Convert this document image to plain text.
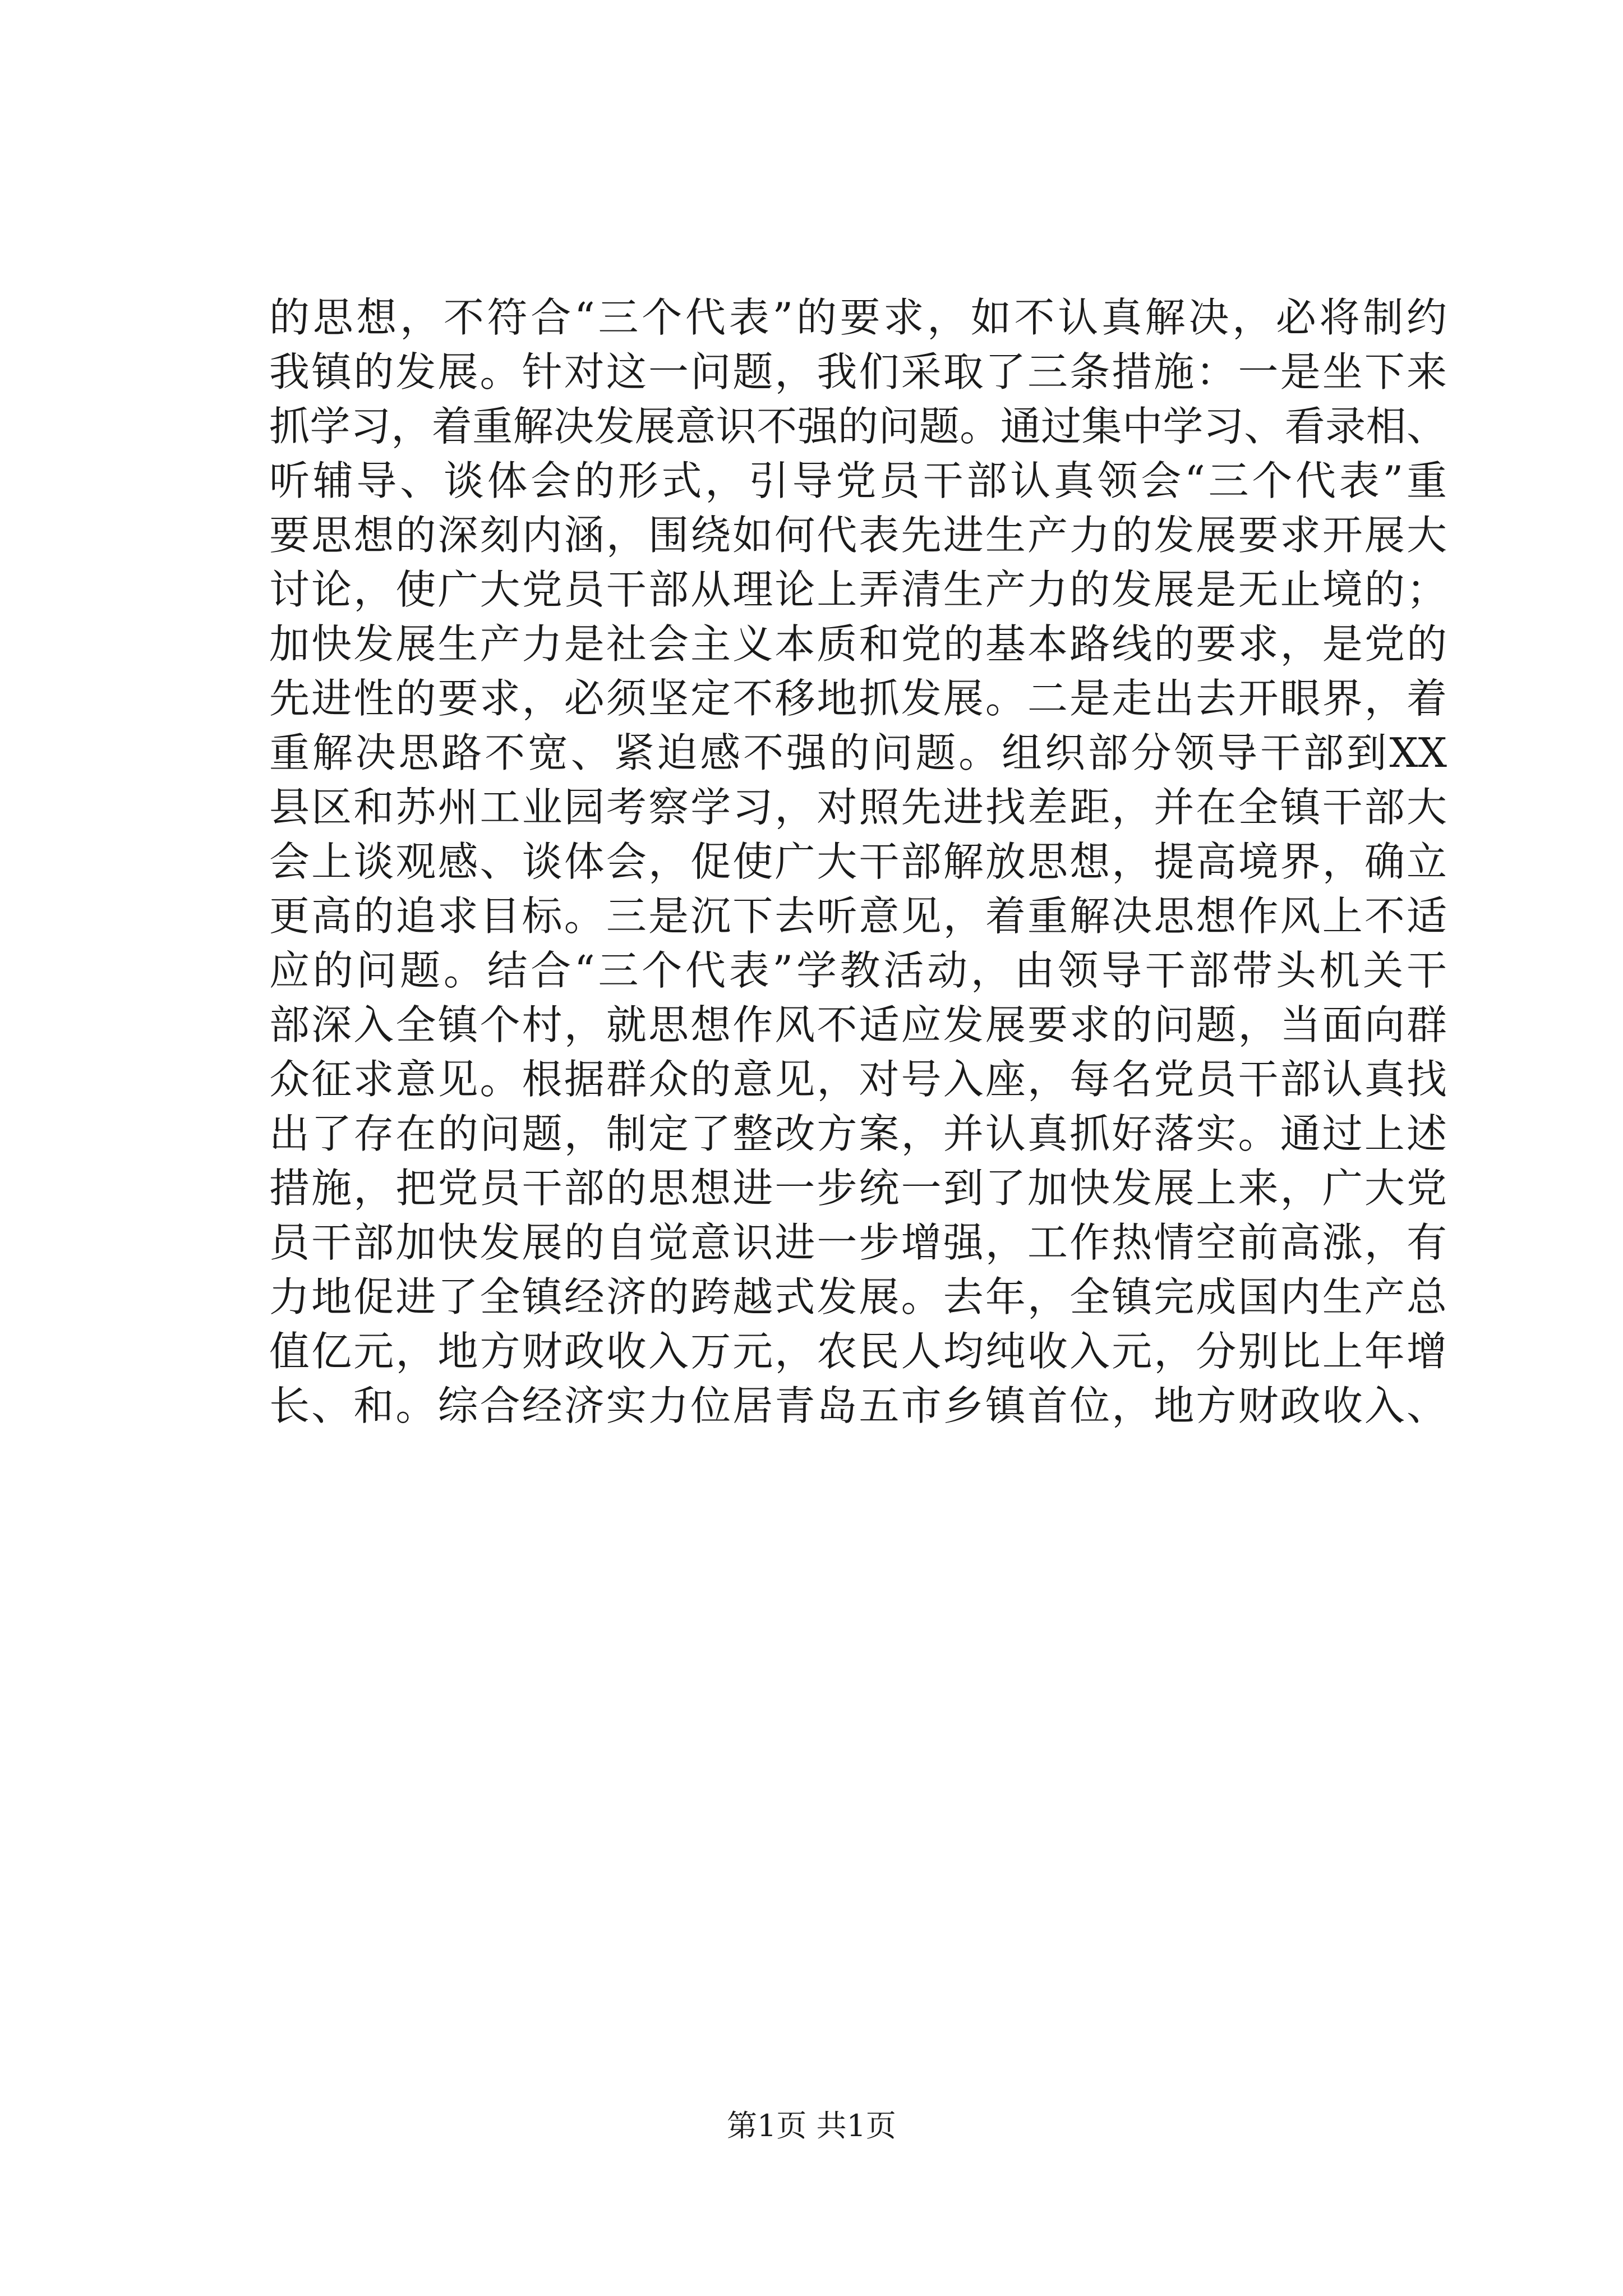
的思想，不符合“三个代表”的要求，如不认真解决，必将制约
我镇的发展。针对这一问题，我们采取了三条措施：一是坐下来
抓学习，着重解决发展意识不强的问题。通过集中学习、看录相、
听辅导、谈体会的形式，引导党员干部认真领会“三个代表”重
要思想的深刻内涵，围绕如何代表先进生产力的发展要求开展大
讨论，使广大党员干部从理论上弄清生产力的发展是无止境的；
加快发展生产力是社会主义本质和党的基本路线的要求，是党的
先进性的要求，必须坚定不移地抓发展。二是走出去开眼界，着
重解决思路不宽、紧迫感不强的问题。组织部分领导干部到XX
县区和苏州工业园考察学习，对照先进找差距，并在全镇干部大
会上谈观感、谈体会，促使广大干部解放思想，提高境界，确立
更高的追求目标。三是沉下去听意见，着重解决思想作风上不适
应的问题。结合“三个代表”学教活动，由领导干部带头机关干
部深入全镇个村，就思想作风不适应发展要求的问题，当面向群
众征求意见。根据群众的意见，对号入座，每名党员干部认真找
出了存在的问题，制定了整改方案，并认真抓好落实。通过上述
措施，把党员干部的思想进一步统一到了加快发展上来，广大党
员干部加快发展的自觉意识进一步增强，工作热情空前高涨，有
力地促进了全镇经济的跨越式发展。去年，全镇完成国内生产总
值亿元，地方财政收入万元，农民人均纯收入元，分别比上年增
长、和。综合经济实力位居青岛五市乡镇首位，地方财政收入、
第1页 共1页
